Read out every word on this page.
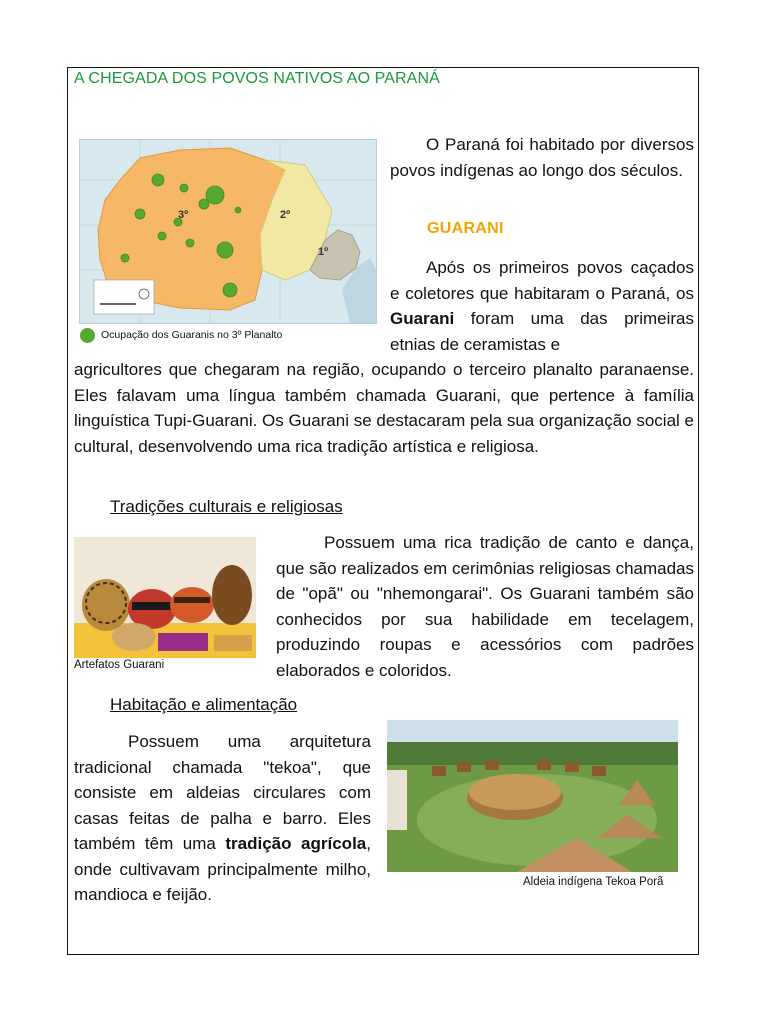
A CHEGADA DOS POVOS NATIVOS AO PARANÁ
3º	2º
1º
Ocupação dos Guaranis no 3º Planalto

O Paraná foi habitado por diversos povos indígenas ao longo dos séculos.

GUARANI

Após os primeiros povos caçados e coletores que habitaram o Paraná, os Guarani foram uma das primeiras etnias de ceramistas e

agricultores que chegaram na região, ocupando o terceiro planalto paranaense. Eles falavam uma língua também chamada Guarani, que pertence à família linguística Tupi-Guarani. Os Guarani se destacaram pela sua organização social e cultural, desenvolvendo uma rica tradição artística e religiosa.

Tradições culturais e religiosas
Artefatos Guarani

Possuem uma rica tradição de canto e dança, que são realizados em cerimônias religiosas chamadas de "opã" ou "nhemongarai". Os Guarani também são conhecidos por sua habilidade em tecelagem, produzindo roupas e acessórios com padrões elaborados e coloridos.

Habitação e alimentação

Possuem uma arquitetura tradicional chamada "tekoa", que consiste em aldeias circulares com casas feitas de palha e barro. Eles também têm uma tradição agrícola, onde cultivavam principalmente milho, mandioca e feijão.

Aldeia indígena Tekoa Porã
